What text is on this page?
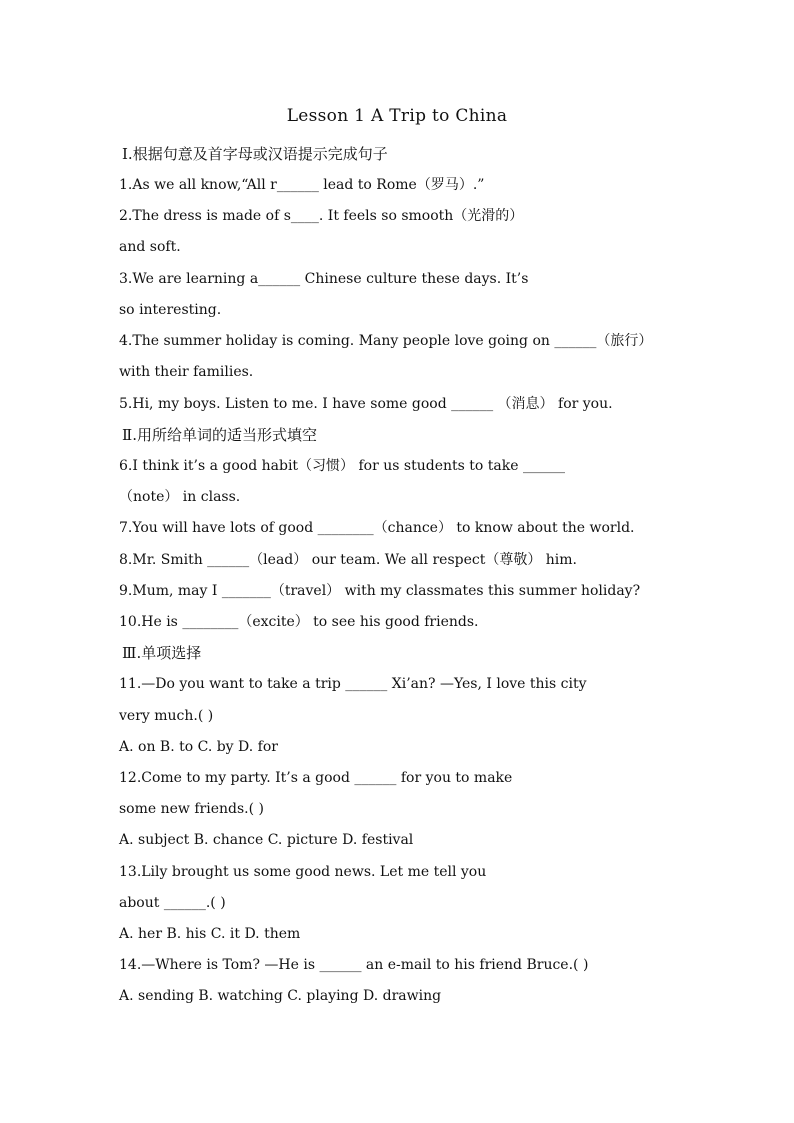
Lesson 1 A Trip to China
Ⅰ.根据句意及首字母或汉语提示完成句子
1.As we all know,“All r______ lead to Rome（罗马）.”
2.The dress is made of s____. It feels so smooth（光滑的）
and soft.
3.We are learning a______ Chinese culture these days. It’s
so interesting.
4.The summer holiday is coming. Many people love going on ______（旅行）
with their families.
5.Hi, my boys. Listen to me. I have some good ______ （消息） for you.
Ⅱ.用所给单词的适当形式填空
6.I think it’s a good habit（习惯） for us students to take ______
（note） in class.
7.You will have lots of good ________（chance） to know about the world.
8.Mr. Smith ______（lead） our team. We all respect（尊敬） him.
9.Mum, may I _______（travel） with my classmates this summer holiday?
10.He is ________（excite） to see his good friends.
Ⅲ.单项选择
11.—Do you want to take a trip ______ Xi’an? —Yes, I love this city
very much.( )
A. on B. to C. by D. for
12.Come to my party. It’s a good ______ for you to make
some new friends.( )
A. subject B. chance C. picture D. festival
13.Lily brought us some good news. Let me tell you
about ______.( )
A. her B. his C. it D. them
14.—Where is Tom? —He is ______ an e-mail to his friend Bruce.( )
A. sending B. watching C. playing D. drawing
